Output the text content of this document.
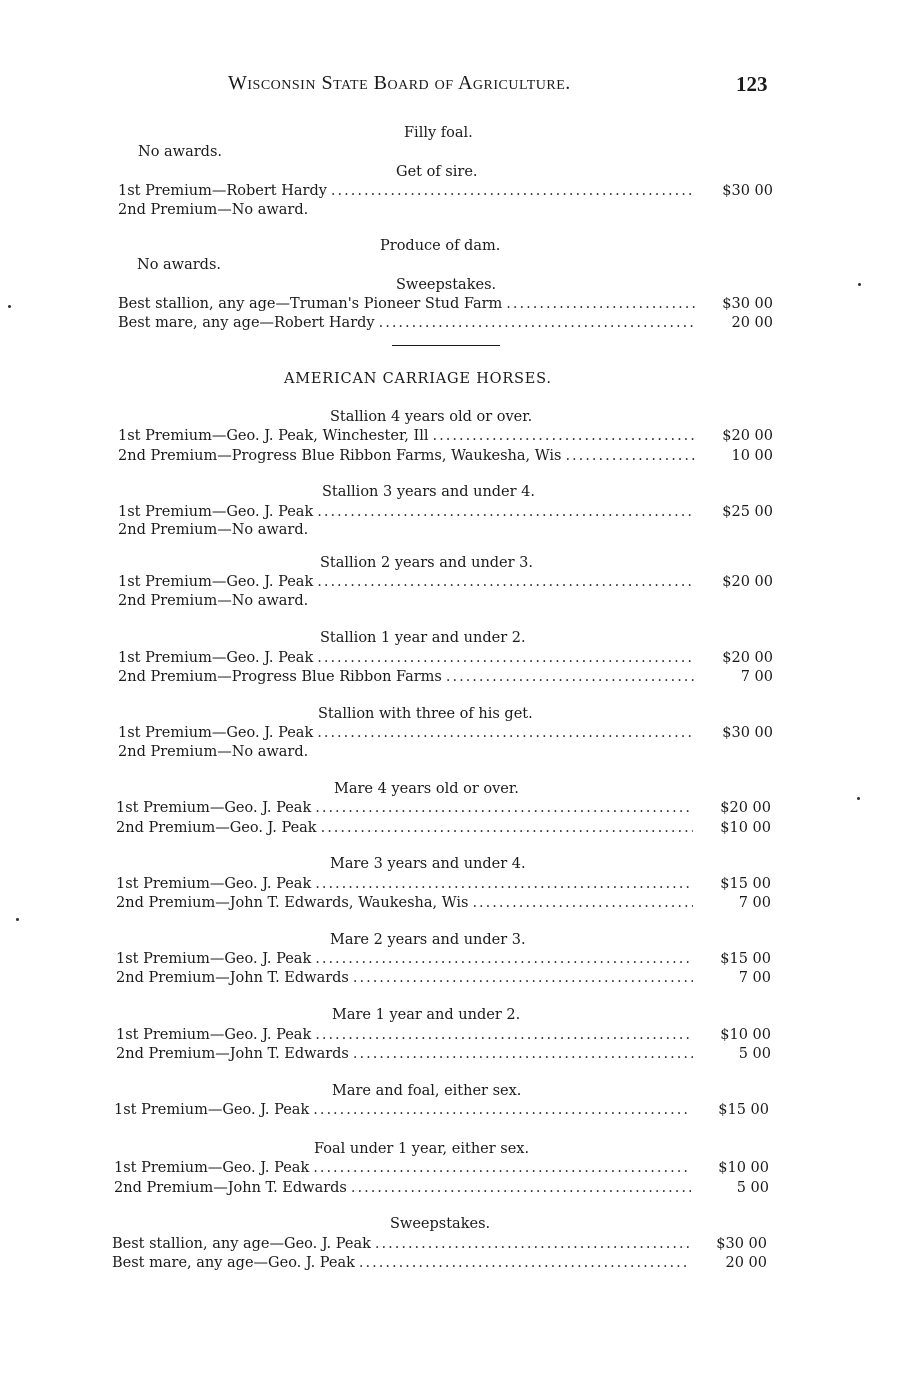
Wisconsin State Board of Agriculture.	123
Filly foal.
No awards.
Get of sire.
1st Premium—Robert Hardy .....	$30 00
2nd Premium—No award.
Produce of dam.
No awards.
Sweepstakes.
Best stallion, any age—Truman's Pioneer Stud Farm .....	$30 00
Best mare, any age—Robert Hardy .....	20 00
AMERICAN CARRIAGE HORSES.
Stallion 4 years old or over.
1st Premium—Geo. J. Peak, Winchester, Ill .....	$20 00
2nd Premium—Progress Blue Ribbon Farms, Waukesha, Wis .....	10 00
Stallion 3 years and under 4.
1st Premium—Geo. J. Peak .....	$25 00
2nd Premium—No award.
Stallion 2 years and under 3.
1st Premium—Geo. J. Peak .....	$20 00
2nd Premium—No award.
Stallion 1 year and under 2.
1st Premium—Geo. J. Peak .....	$20 00
2nd Premium—Progress Blue Ribbon Farms .....	7 00
Stallion with three of his get.
1st Premium—Geo. J. Peak .....	$30 00
2nd Premium—No award.
Mare 4 years old or over.
1st Premium—Geo. J. Peak .....	$20 00
2nd Premium—Geo. J. Peak .....	$10 00
Mare 3 years and under 4.
1st Premium—Geo. J. Peak .....	$15 00
2nd Premium—John T. Edwards, Waukesha, Wis .....	7 00
Mare 2 years and under 3.
1st Premium—Geo. J. Peak .....	$15 00
2nd Premium—John T. Edwards .....	7 00
Mare 1 year and under 2.
1st Premium—Geo. J. Peak .....	$10 00
2nd Premium—John T. Edwards .....	5 00
Mare and foal, either sex.
1st Premium—Geo. J. Peak .....	$15 00
Foal under 1 year, either sex.
1st Premium—Geo. J. Peak .....	$10 00
2nd Premium—John T. Edwards .....	5 00
Sweepstakes.
Best stallion, any age—Geo. J. Peak .....	$30 00
Best mare, any age—Geo. J. Peak .....	20 00
